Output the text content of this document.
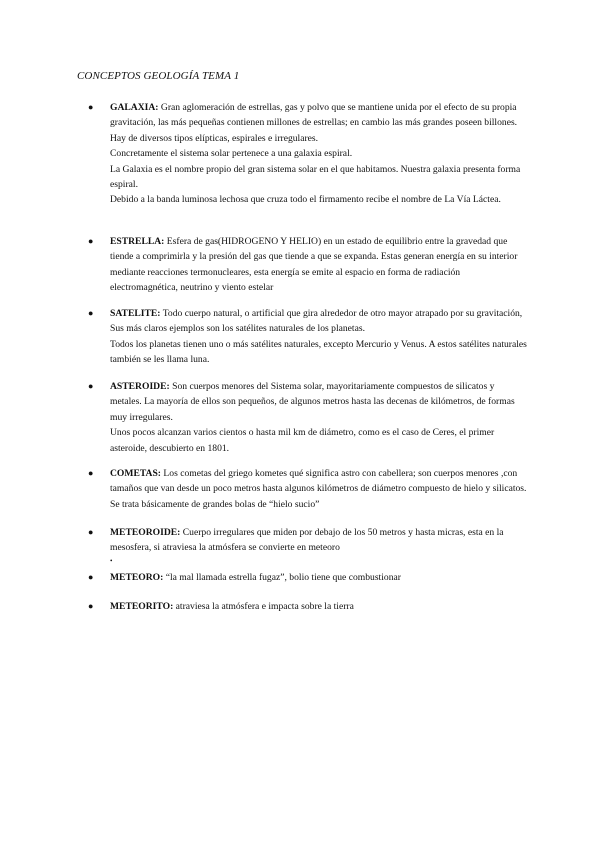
CONCEPTOS GEOLOGÍA TEMA 1
●	GALAXIA: Gran aglomeración de estrellas, gas y polvo que se mantiene unida por el efecto de su propia gravitación, las más pequeñas contienen millones de estrellas; en cambio las más grandes poseen billones. Hay de diversos tipos elípticas, espirales e irregulares.

Concretamente el sistema solar pertenece a una galaxia espiral.

La Galaxia es el nombre propio del gran sistema solar en el que habitamos. Nuestra galaxia presenta forma espiral.

Debido a la banda luminosa lechosa que cruza todo el firmamento recibe el nombre de La Vía Láctea.

●	ESTRELLA: Esfera de gas(HIDROGENO Y HELIO) en un estado de equilibrio entre la gravedad que tiende a comprimirla y la presión del gas que tiende a que se expanda. Estas generan energía en su interior mediante reacciones termonucleares, esta energía se emite al espacio en forma de radiación electromagnética, neutrino y viento estelar

●	SATELITE: Todo cuerpo natural, o artificial que gira alrededor de otro mayor atrapado por su gravitación, Sus más claros ejemplos son los satélites naturales de los planetas.

Todos los planetas tienen uno o más satélites naturales, excepto Mercurio y Venus. A estos satélites naturales también se les llama luna.

●	ASTEROIDE: Son cuerpos menores del Sistema solar, mayoritariamente compuestos de silicatos y metales. La mayoría de ellos son pequeños, de algunos metros hasta las decenas de kilómetros, de formas muy irregulares.

Unos pocos alcanzan varios cientos o hasta mil km de diámetro, como es el caso de Ceres, el primer asteroide, descubierto en 1801.

●	COMETAS: Los cometas del griego kometes qué significa astro con cabellera; son cuerpos menores ,con tamaños que van desde un poco metros hasta algunos kilómetros de diámetro compuesto de hielo y silicatos. Se trata básicamente de grandes bolas de “hielo sucio”

●	METEOROIDE: Cuerpo irregulares que miden por debajo de los 50 metros y hasta micras, esta en la mesosfera, si atraviesa la atmósfera se convierte en meteoro

•
●	METEORO: “la mal llamada estrella fugaz”, bolio tiene que combustionar

●	METEORITO: atraviesa la atmósfera e impacta sobre la tierra
